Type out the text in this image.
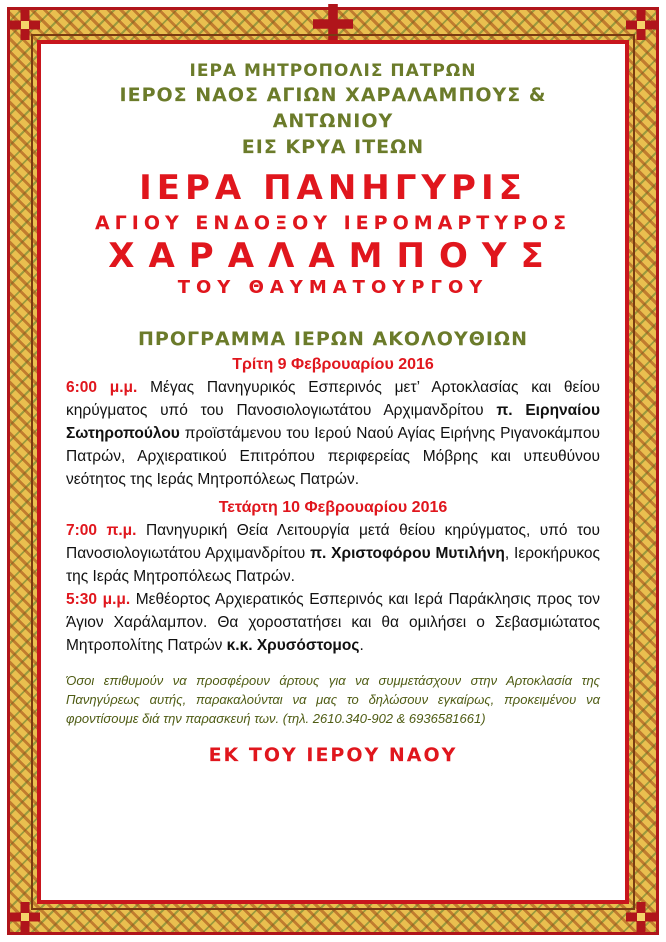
ΙΕΡΑ ΜΗΤΡΟΠΟΛΙΣ ΠΑΤΡΩΝ
ΙΕΡΟΣ ΝΑΟΣ ΑΓΙΩΝ ΧΑΡΑΛΑΜΠΟΥΣ & ΑΝΤΩΝΙΟΥ
ΕΙΣ ΚΡΥΑ ΙΤΕΩΝ
ΙΕΡΑ ΠΑΝΗΓΥΡΙΣ
ΑΓΙΟΥ ΕΝΔΟΞΟΥ ΙΕΡΟΜΑΡΤΥΡΟΣ
ΧΑΡΑΛΑΜΠΟΥΣ
ΤΟΥ ΘΑΥΜΑΤΟΥΡΓΟΥ
ΠΡΟΓΡΑΜΜΑ ΙΕΡΩΝ ΑΚΟΛΟΥΘΙΩΝ
Τρίτη 9 Φεβρουαρίου 2016
6:00 μ.μ. Μέγας Πανηγυρικός Εσπερινός μετ’ Αρτοκλασίας και θείου κηρύγματος υπό του Πανοσιολογιωτάτου Αρχιμανδρίτου π. Ειρηναίου Σωτηροπούλου προϊστάμενου του Ιερού Ναού Αγίας Ειρήνης Ριγανοκάμπου Πατρών, Αρχιερατικού Επιτρόπου περιφερείας Μόβρης και υπευθύνου νεότητος της Ιεράς Μητροπόλεως Πατρών.
Τετάρτη 10 Φεβρουαρίου 2016
7:00 π.μ. Πανηγυρική Θεία Λειτουργία μετά θείου κηρύγματος, υπό του Πανοσιολογιωτάτου Αρχιμανδρίτου π. Χριστοφόρου Μυτιλήνη, Ιεροκήρυκος της Ιεράς Μητροπόλεως Πατρών.
5:30 μ.μ. Μεθέορτος Αρχιερατικός Εσπερινός και Ιερά Παράκλησις προς τον Άγιον Χαράλαμπον. Θα χοροστατήσει και θα ομιλήσει ο Σεβασμιώτατος Μητροπολίτης Πατρών κ.κ. Χρυσόστομος.
Όσοι επιθυμούν να προσφέρουν άρτους για να συμμετάσχουν στην Αρτοκλασία της Πανηγύρεως αυτής, παρακαλούνται να μας το δηλώσουν εγκαίρως, προκειμένου να φροντίσουμε διά την παρασκευή των. (τηλ. 2610.340-902 & 6936581661)
ΕΚ ΤΟΥ ΙΕΡΟΥ ΝΑΟΥ
